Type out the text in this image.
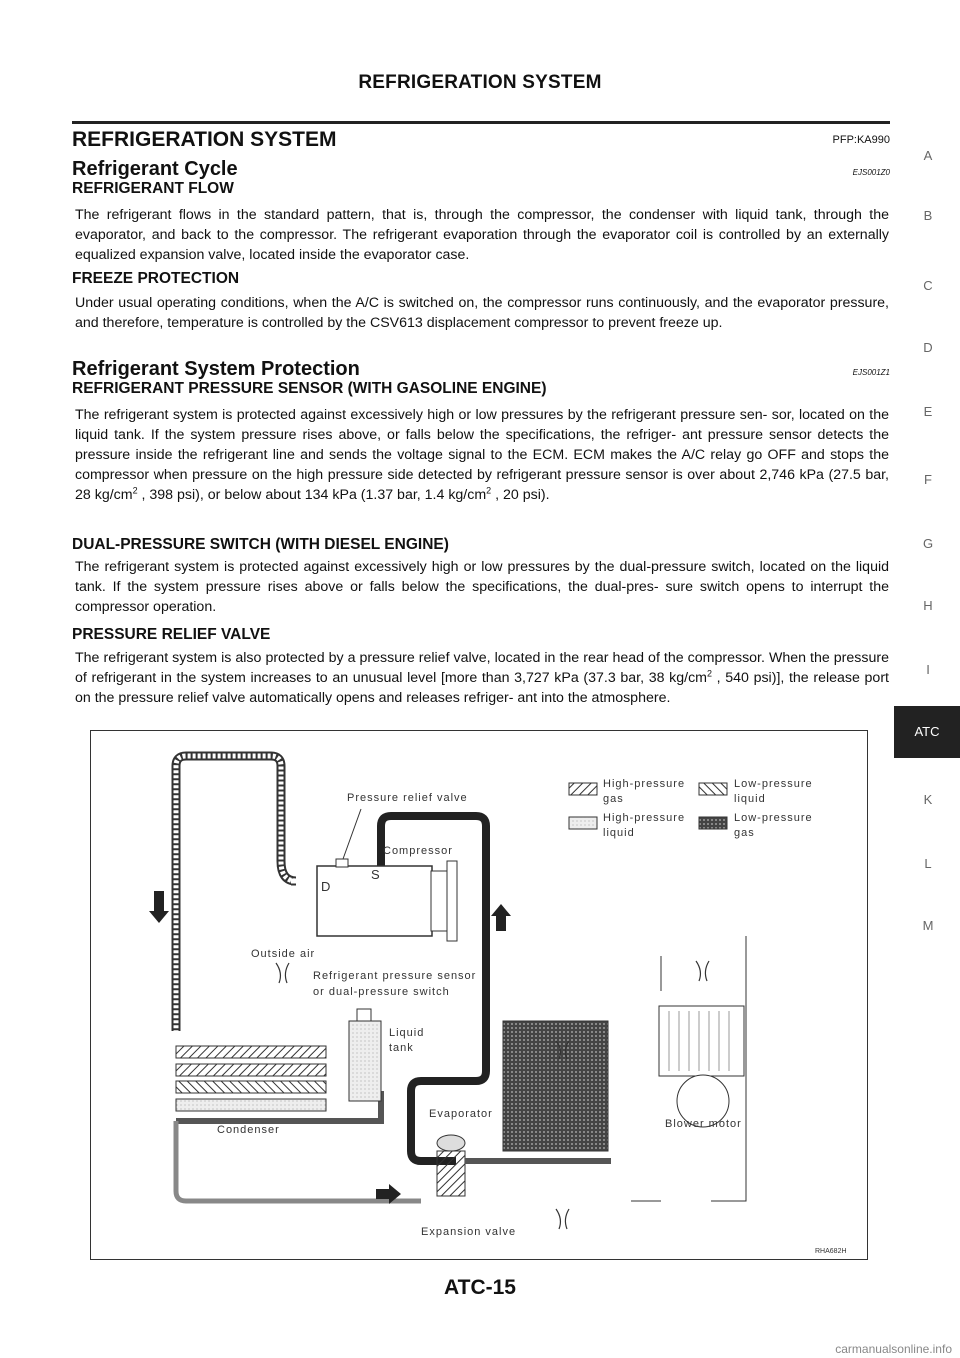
REFRIGERATION SYSTEM
REFRIGERATION SYSTEM	PFP:KA990
Refrigerant Cycle	EJS001Z0
REFRIGERANT FLOW
The refrigerant flows in the standard pattern, that is, through the compressor, the condenser with liquid tank, through the evaporator, and back to the compressor. The refrigerant evaporation through the evaporator coil is controlled by an externally equalized expansion valve, located inside the evaporator case.
FREEZE PROTECTION
Under usual operating conditions, when the A/C is switched on, the compressor runs continuously, and the evaporator pressure, and therefore, temperature is controlled by the CSV613 displacement compressor to prevent freeze up.
Refrigerant System Protection	EJS001Z1
REFRIGERANT PRESSURE SENSOR (WITH GASOLINE ENGINE)
The refrigerant system is protected against excessively high or low pressures by the refrigerant pressure sen- sor, located on the liquid tank. If the system pressure rises above, or falls below the specifications, the refriger- ant pressure sensor detects the pressure inside the refrigerant line and sends the voltage signal to the ECM. ECM makes the A/C relay go OFF and stops the compressor when pressure on the high pressure side detected by refrigerant pressure sensor is over about 2,746 kPa (27.5 bar, 28 $kg/cm^2$ , 398 psi), or below about 134 kPa (1.37 bar, 1.4 $kg/cm^2$ , 20 psi).
DUAL-PRESSURE SWITCH (WITH DIESEL ENGINE)
The refrigerant system is protected against excessively high or low pressures by the dual-pressure switch, located on the liquid tank. If the system pressure rises above or falls below the specifications, the dual-pres- sure switch opens to interrupt the compressor operation.
PRESSURE RELIEF VALVE
The refrigerant system is also protected by a pressure relief valve, located in the rear head of the compressor. When the pressure of refrigerant in the system increases to an unusual level [more than 3,727 kPa (37.3 bar, 38 $kg/cm^2$ , 540 psi)], the release port on the pressure relief valve automatically opens and releases refriger- ant into the atmosphere.
Pressure relief valve
Compressor
D
S
Outside air
Refrigerant pressure sensor
or dual-pressure switch
Liquid
tank
Evaporator
Blower motor
Condenser
Expansion valve
RHA682H
High-pressure
gas
Low-pressure
liquid
High-pressure
liquid
Low-pressure
gas
ATC-15
carmanualsonline.info
A
B
C
D
E
F
G
H
I
ATC
K
L
M
